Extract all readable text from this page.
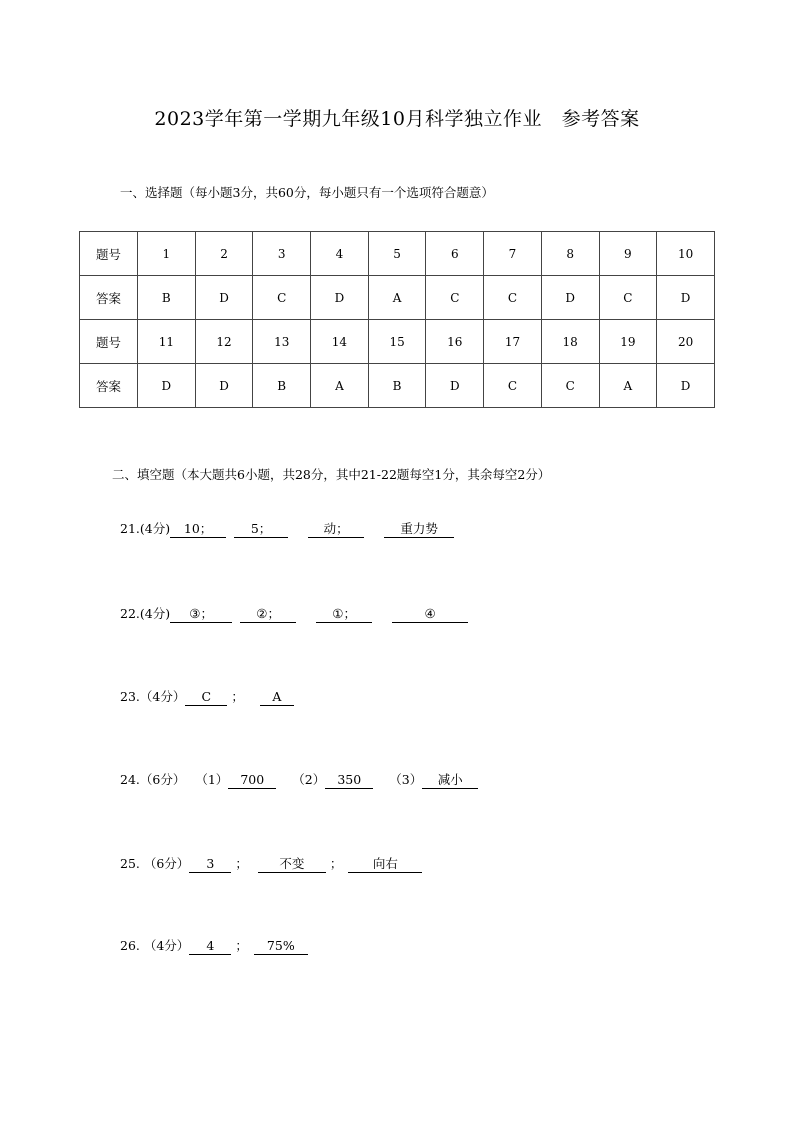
2023学年第一学期九年级10月科学独立作业   参考答案
一、选择题（每小题3分，共60分，每小题只有一个选项符合题意）
题号	1	2	3	4	5	6	7	8	9	10
答案	B	D	C	D	A	C	C	D	C	D
题号	11	12	13	14	15	16	17	18	19	20
答案	D	D	B	A	B	D	C	C	A	D
二、填空题（本大题共6小题，共28分，其中21-22题每空1分，其余每空2分）
21.(4分)	10；	5；	动；	重力势
22.(4分)	③；	②；	①；	④
23.（4分）	C	；	A
24.（6分） （1） 700	（2） 350	（3）	减小
25. （6分）	3	；	不变	；	向右
26. （4分）	4	；	75%
